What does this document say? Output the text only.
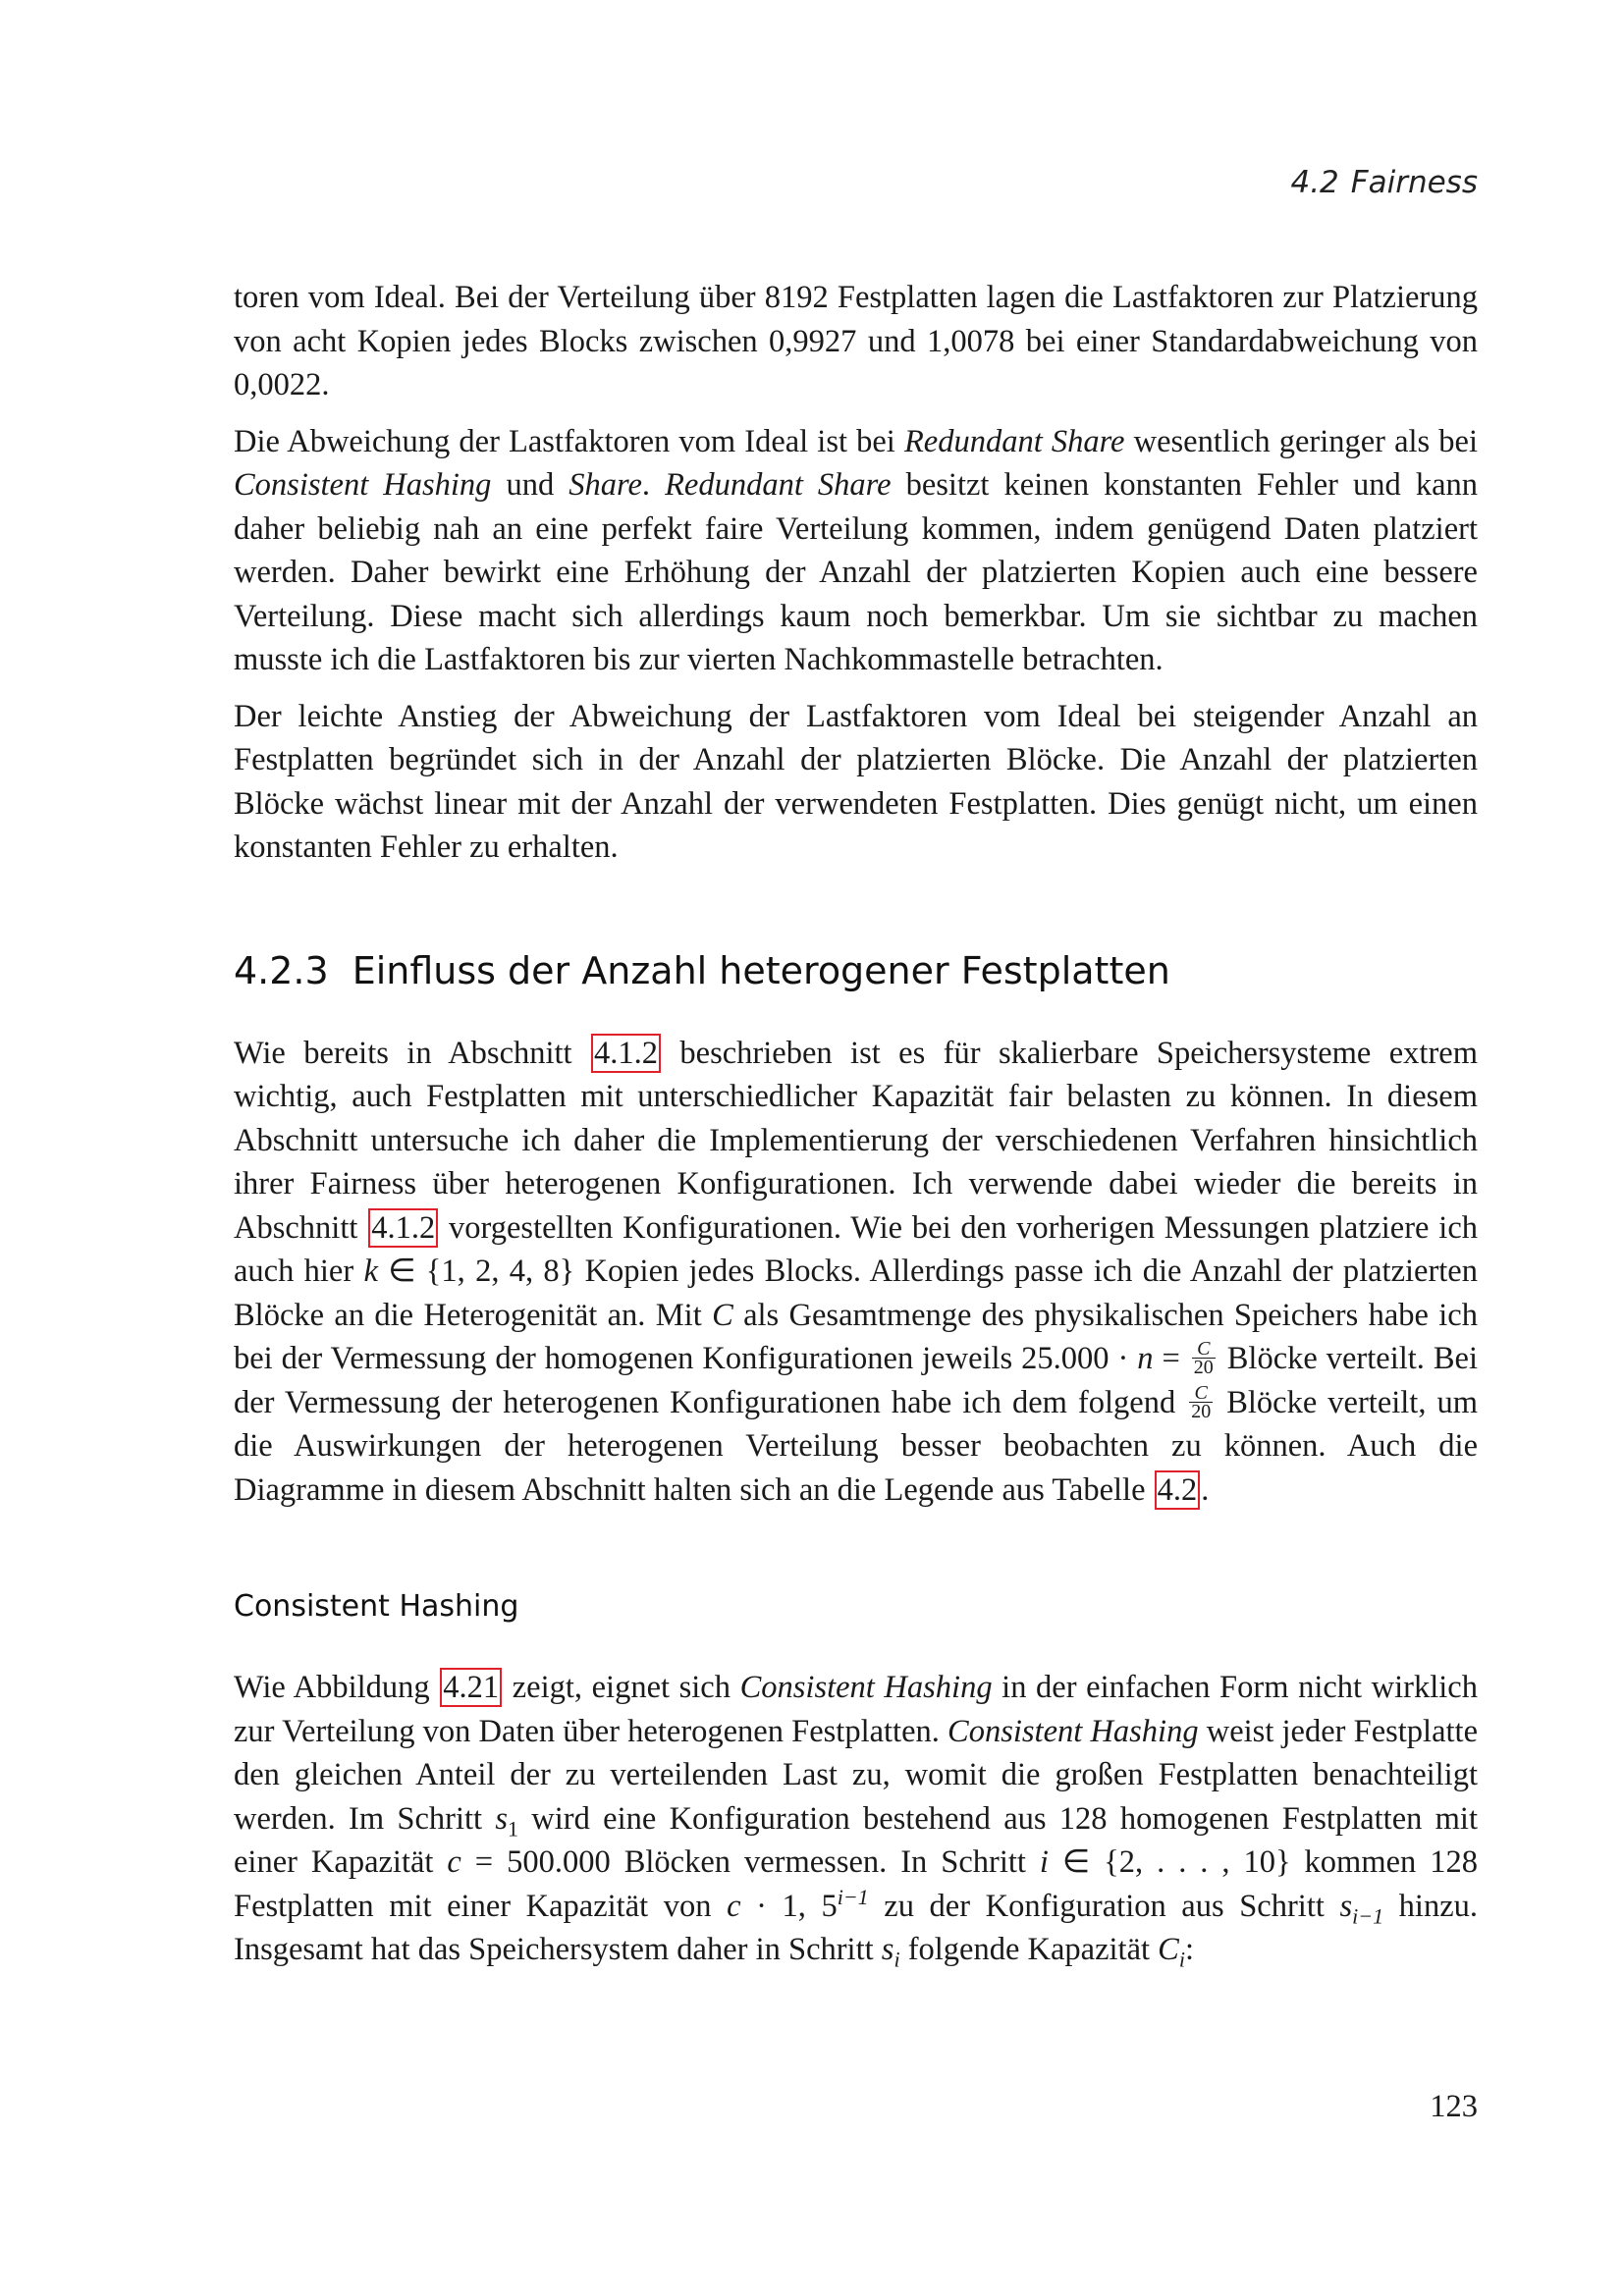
4.2 Fairness

toren vom Ideal. Bei der Verteilung über 8192 Festplatten lagen die Lastfaktoren zur Platzierung von acht Kopien jedes Blocks zwischen 0,9927 und 1,0078 bei einer Standardabweichung von 0,0022.

Die Abweichung der Lastfaktoren vom Ideal ist bei Redundant Share wesentlich geringer als bei Consistent Hashing und Share. Redundant Share besitzt keinen konstanten Fehler und kann daher beliebig nah an eine perfekt faire Verteilung kommen, indem genügend Daten platziert werden. Daher bewirkt eine Erhöhung der Anzahl der platzierten Kopien auch eine bessere Verteilung. Diese macht sich allerdings kaum noch bemerkbar. Um sie sichtbar zu machen musste ich die Lastfaktoren bis zur vierten Nachkommastelle betrachten.

Der leichte Anstieg der Abweichung der Lastfaktoren vom Ideal bei steigender Anzahl an Festplatten begründet sich in der Anzahl der platzierten Blöcke. Die Anzahl der platzierten Blöcke wächst linear mit der Anzahl der verwendeten Festplatten. Dies genügt nicht, um einen konstanten Fehler zu erhalten.

4.2.3 Einfluss der Anzahl heterogener Festplatten

Wie bereits in Abschnitt 4.1.2 beschrieben ist es für skalierbare Speichersysteme extrem wichtig, auch Festplatten mit unterschiedlicher Kapazität fair belasten zu können. In diesem Abschnitt untersuche ich daher die Implementierung der verschiedenen Verfahren hinsichtlich ihrer Fairness über heterogenen Konfigurationen. Ich verwende dabei wieder die bereits in Abschnitt 4.1.2 vorgestellten Konfigurationen. Wie bei den vorherigen Messungen platziere ich auch hier k ∈ {1, 2, 4, 8} Kopien jedes Blocks. Allerdings passe ich die Anzahl der platzierten Blöcke an die Heterogenität an. Mit C als Gesamtmenge des physikalischen Speichers habe ich bei der Vermessung der homogenen Konfigurationen jeweils $25.000 \cdot n = \frac{C}{20}$ Blöcke verteilt. Bei der Vermessung der heterogenen Konfigurationen habe ich dem folgend $\frac{C}{20}$ Blöcke verteilt, um die Auswirkungen der heterogenen Verteilung besser beobachten zu können. Auch die Diagramme in diesem Abschnitt halten sich an die Legende aus Tabelle 4.2 .

Consistent Hashing

Wie Abbildung 4.21 zeigt, eignet sich Consistent Hashing in der einfachen Form nicht wirklich zur Verteilung von Daten über heterogenen Festplatten. Consistent Hashing weist jeder Festplatte den gleichen Anteil der zu verteilenden Last zu, womit die großen Festplatten benachteiligt werden. Im Schritt $s_1$ wird eine Konfiguration bestehend aus 128 homogenen Festplatten mit einer Kapazität c = 500.000 Blöcken vermessen. In Schritt i ∈ {2, . . . , 10} kommen 128 Festplatten mit einer Kapazität von c · 1, $5^{i-1}$ zu der Konfiguration aus Schritt $s_{i-1}$ hinzu. Insgesamt hat das Speichersystem daher in Schritt $s_i$ folgende Kapazität $C_i$:

123
